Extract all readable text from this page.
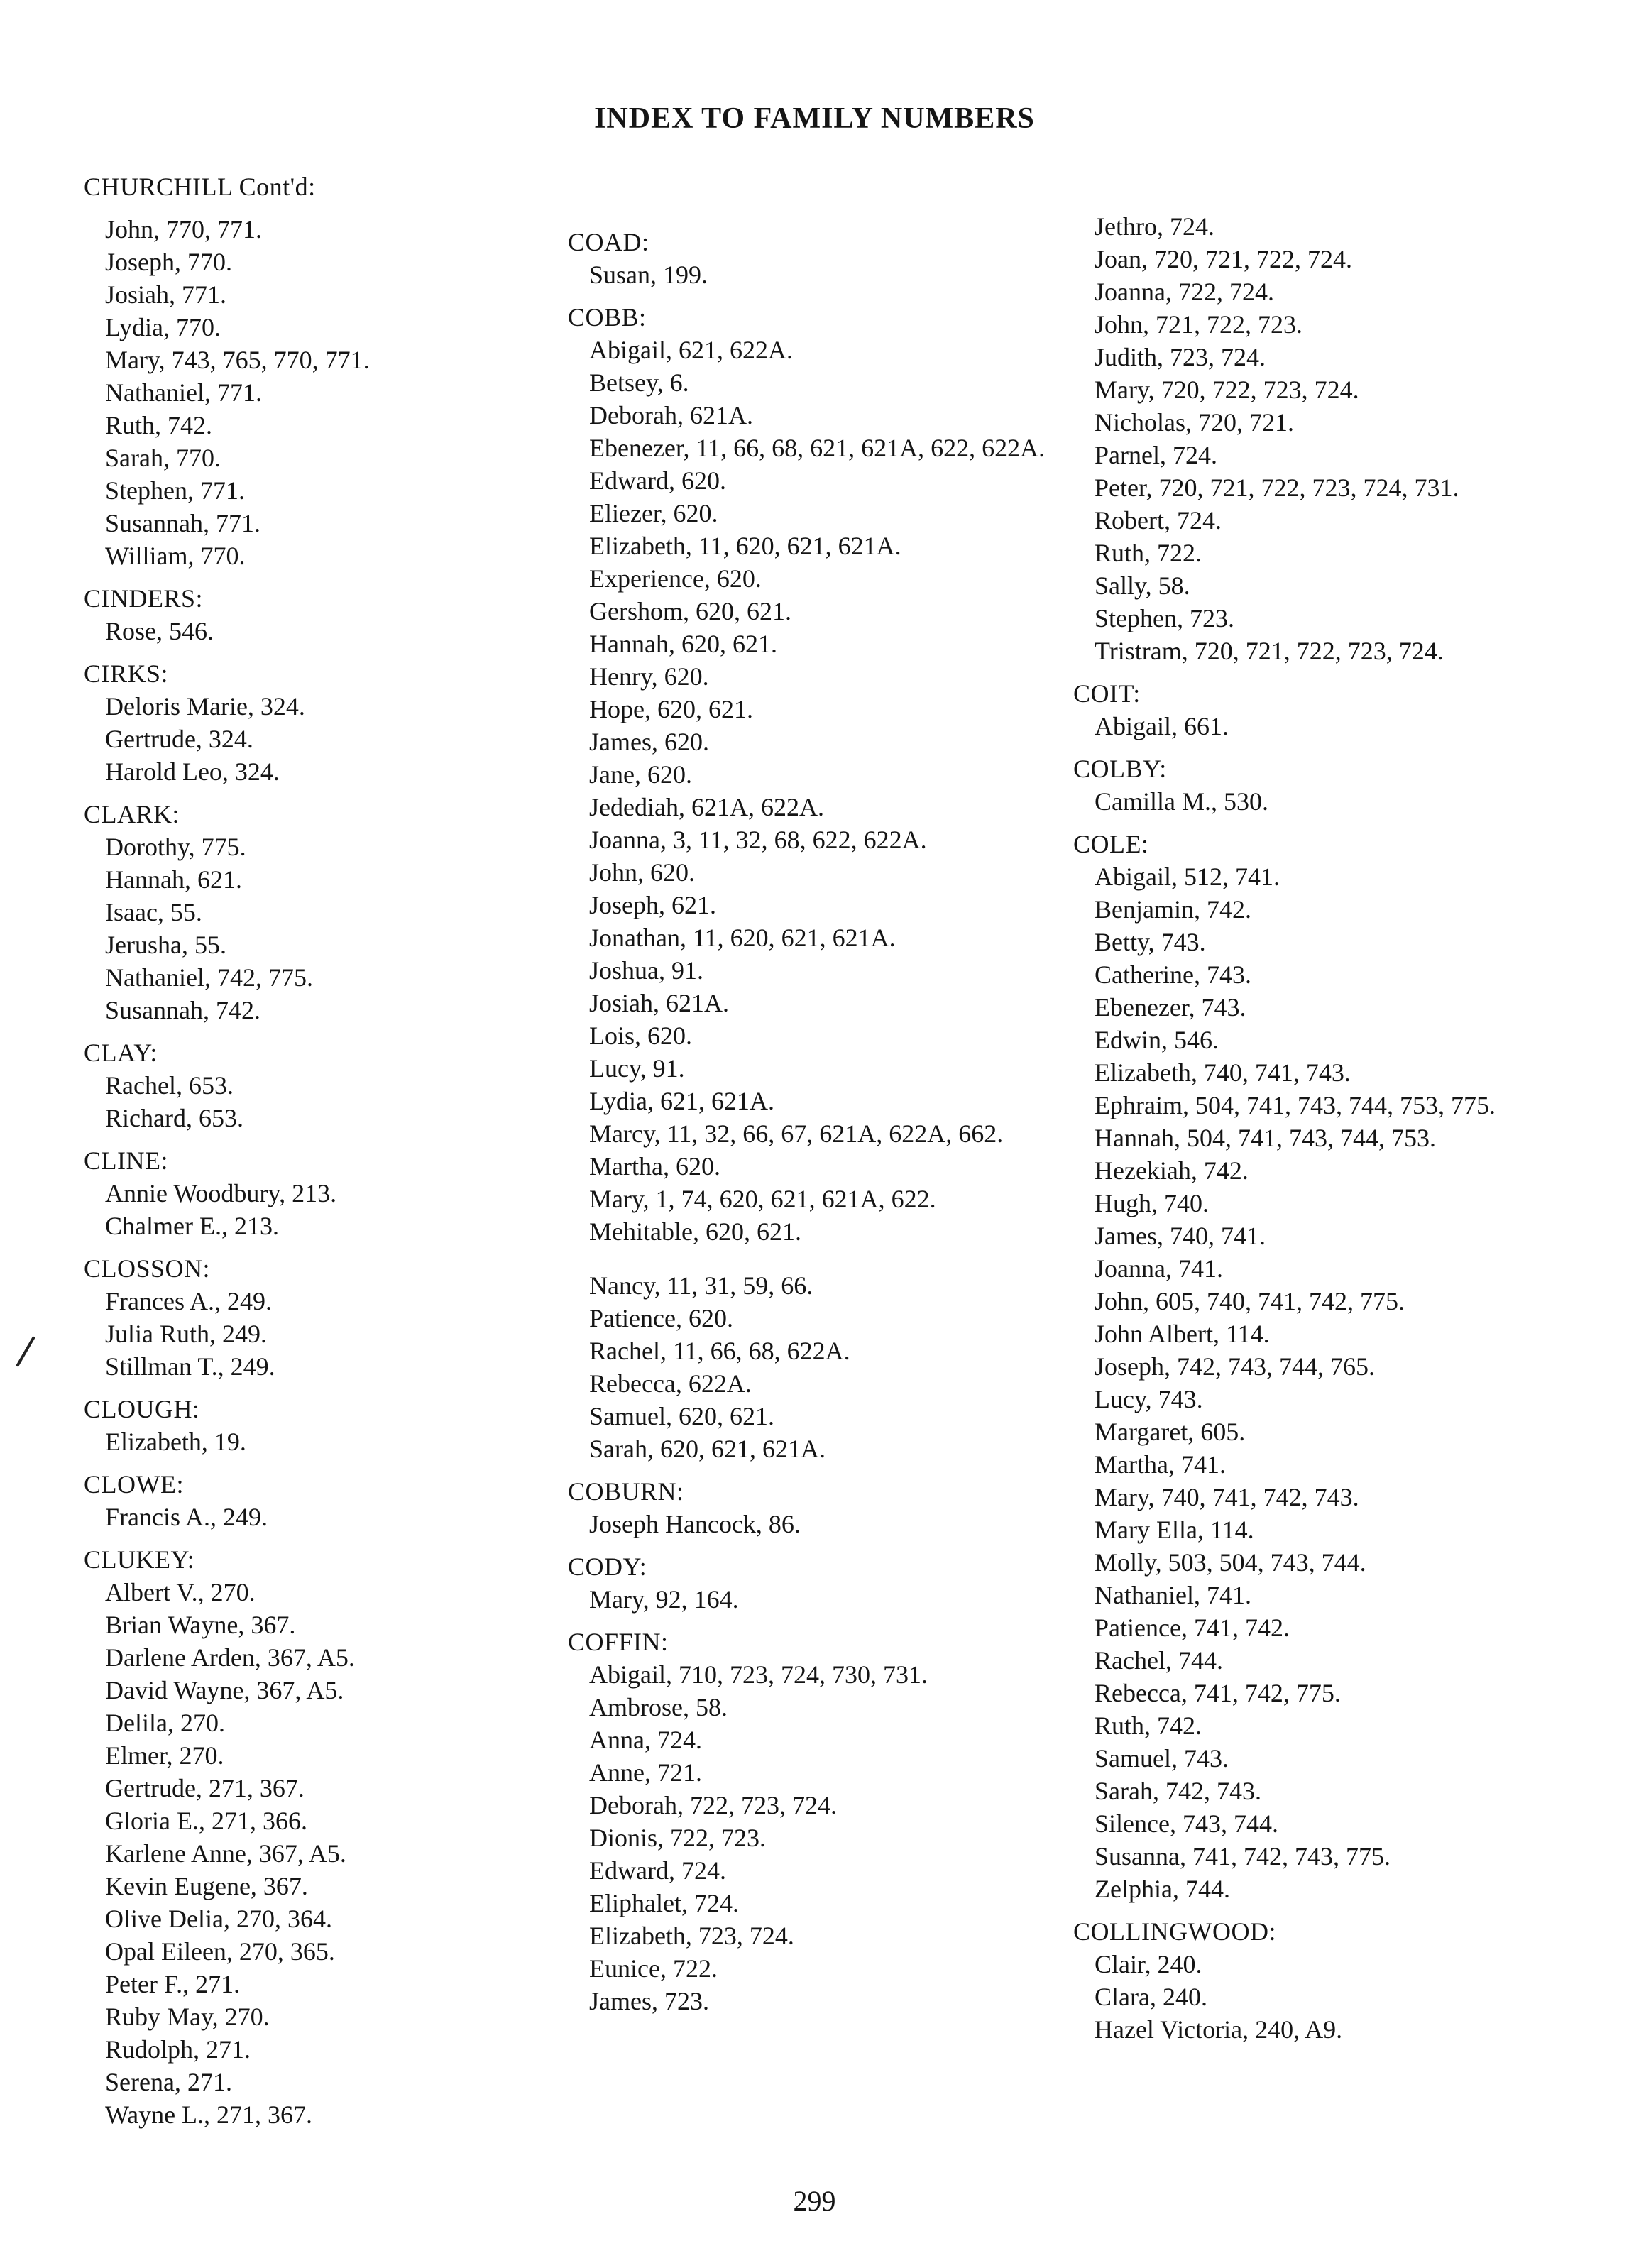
INDEX TO FAMILY NUMBERS
CHURCHILL Cont'd:
John, 770, 771.
Joseph, 770.
Josiah, 771.
Lydia, 770.
Mary, 743, 765, 770, 771.
Nathaniel, 771.
Ruth, 742.
Sarah, 770.
Stephen, 771.
Susannah, 771.
William, 770.
CINDERS:
Rose, 546.
CIRKS:
Deloris Marie, 324.
Gertrude, 324.
Harold Leo, 324.
CLARK:
Dorothy, 775.
Hannah, 621.
Isaac, 55.
Jerusha, 55.
Nathaniel, 742, 775.
Susannah, 742.
CLAY:
Rachel, 653.
Richard, 653.
CLINE:
Annie Woodbury, 213.
Chalmer E., 213.
CLOSSON:
Frances A., 249.
Julia Ruth, 249.
Stillman T., 249.
CLOUGH:
Elizabeth, 19.
CLOWE:
Francis A., 249.
CLUKEY:
Albert V., 270.
Brian Wayne, 367.
Darlene Arden, 367, A5.
David Wayne, 367, A5.
Delila, 270.
Elmer, 270.
Gertrude, 271, 367.
Gloria E., 271, 366.
Karlene Anne, 367, A5.
Kevin Eugene, 367.
Olive Delia, 270, 364.
Opal Eileen, 270, 365.
Peter F., 271.
Ruby May, 270.
Rudolph, 271.
Serena, 271.
Wayne L., 271, 367.
COAD:
Susan, 199.
COBB:
Abigail, 621, 622A.
Betsey, 6.
Deborah, 621A.
Ebenezer, 11, 66, 68, 621, 621A, 622, 622A.
Edward, 620.
Eliezer, 620.
Elizabeth, 11, 620, 621, 621A.
Experience, 620.
Gershom, 620, 621.
Hannah, 620, 621.
Henry, 620.
Hope, 620, 621.
James, 620.
Jane, 620.
Jedediah, 621A, 622A.
Joanna, 3, 11, 32, 68, 622, 622A.
John, 620.
Joseph, 621.
Jonathan, 11, 620, 621, 621A.
Joshua, 91.
Josiah, 621A.
Lois, 620.
Lucy, 91.
Lydia, 621, 621A.
Marcy, 11, 32, 66, 67, 621A, 622A, 662.
Martha, 620.
Mary, 1, 74, 620, 621, 621A, 622.
Mehitable, 620, 621.
Nancy, 11, 31, 59, 66.
Patience, 620.
Rachel, 11, 66, 68, 622A.
Rebecca, 622A.
Samuel, 620, 621.
Sarah, 620, 621, 621A.
COBURN:
Joseph Hancock, 86.
CODY:
Mary, 92, 164.
COFFIN:
Abigail, 710, 723, 724, 730, 731.
Ambrose, 58.
Anna, 724.
Anne, 721.
Deborah, 722, 723, 724.
Dionis, 722, 723.
Edward, 724.
Eliphalet, 724.
Elizabeth, 723, 724.
Eunice, 722.
James, 723.
Jethro, 724.
Joan, 720, 721, 722, 724.
Joanna, 722, 724.
John, 721, 722, 723.
Judith, 723, 724.
Mary, 720, 722, 723, 724.
Nicholas, 720, 721.
Parnel, 724.
Peter, 720, 721, 722, 723, 724, 731.
Robert, 724.
Ruth, 722.
Sally, 58.
Stephen, 723.
Tristram, 720, 721, 722, 723, 724.
COIT:
Abigail, 661.
COLBY:
Camilla M., 530.
COLE:
Abigail, 512, 741.
Benjamin, 742.
Betty, 743.
Catherine, 743.
Ebenezer, 743.
Edwin, 546.
Elizabeth, 740, 741, 743.
Ephraim, 504, 741, 743, 744, 753, 775.
Hannah, 504, 741, 743, 744, 753.
Hezekiah, 742.
Hugh, 740.
James, 740, 741.
Joanna, 741.
John, 605, 740, 741, 742, 775.
John Albert, 114.
Joseph, 742, 743, 744, 765.
Lucy, 743.
Margaret, 605.
Martha, 741.
Mary, 740, 741, 742, 743.
Mary Ella, 114.
Molly, 503, 504, 743, 744.
Nathaniel, 741.
Patience, 741, 742.
Rachel, 744.
Rebecca, 741, 742, 775.
Ruth, 742.
Samuel, 743.
Sarah, 742, 743.
Silence, 743, 744.
Susanna, 741, 742, 743, 775.
Zelphia, 744.
COLLINGWOOD:
Clair, 240.
Clara, 240.
Hazel Victoria, 240, A9.
299
